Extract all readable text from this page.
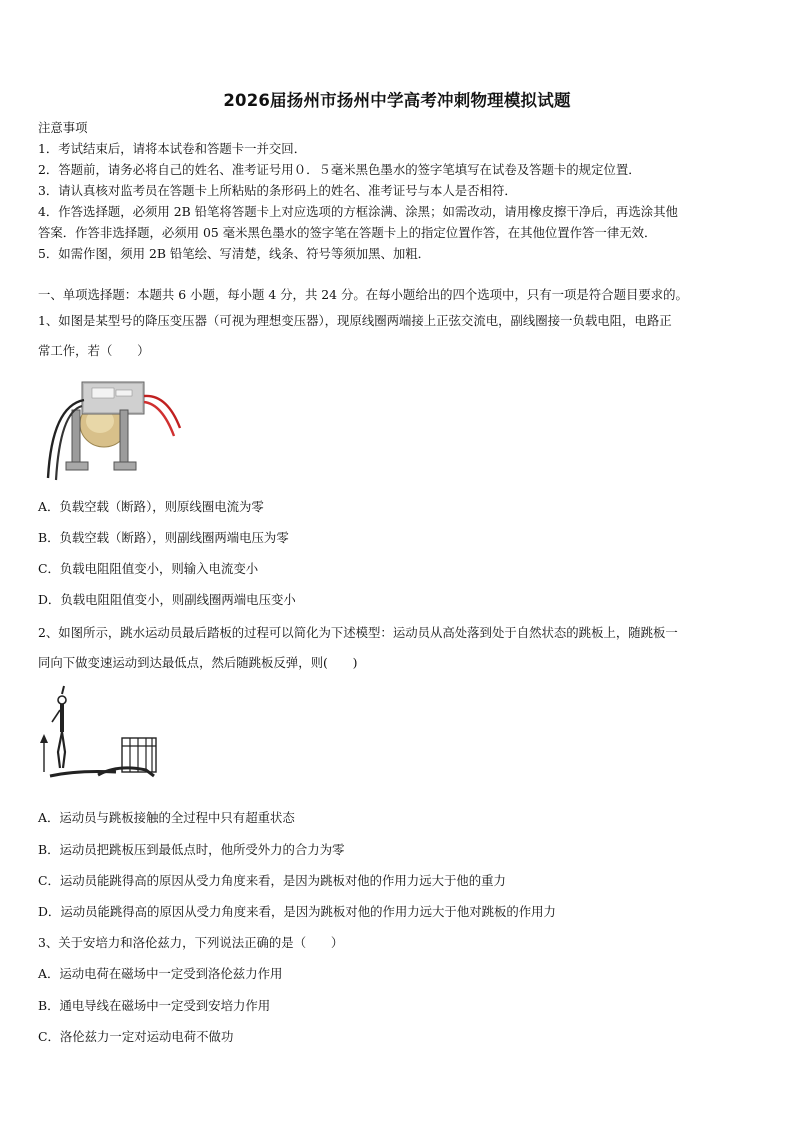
2026届扬州市扬州中学高考冲刺物理模拟试题
注意事项
1．考试结束后，请将本试卷和答题卡一并交回．
2．答题前，请务必将自己的姓名、准考证号用０．５毫米黑色墨水的签字笔填写在试卷及答题卡的规定位置．
3．请认真核对监考员在答题卡上所粘贴的条形码上的姓名、准考证号与本人是否相符．
4．作答选择题，必须用 2B 铅笔将答题卡上对应选项的方框涂满、涂黑；如需改动，请用橡皮擦干净后，再选涂其他
答案．作答非选择题，必须用 05 毫米黑色墨水的签字笔在答题卡上的指定位置作答，在其他位置作答一律无效．
5．如需作图，须用 2B 铅笔绘、写清楚，线条、符号等须加黑、加粗．
一、单项选择题：本题共 6 小题，每小题 4 分，共 24 分。在每小题给出的四个选项中，只有一项是符合题目要求的。
1、如图是某型号的降压变压器（可视为理想变压器），现原线圈两端接上正弦交流电，副线圈接一负载电阻，电路正
常工作，若（　　）
A．负载空载（断路），则原线圈电流为零
B．负载空载（断路），则副线圈两端电压为零
C．负载电阻阻值变小，则输入电流变小
D．负载电阻阻值变小，则副线圈两端电压变小
2、如图所示，跳水运动员最后踏板的过程可以简化为下述模型：运动员从高处落到处于自然状态的跳板上，随跳板一
同向下做变速运动到达最低点，然后随跳板反弹，则(　　)
A．运动员与跳板接触的全过程中只有超重状态
B．运动员把跳板压到最低点时，他所受外力的合力为零
C．运动员能跳得高的原因从受力角度来看，是因为跳板对他的作用力远大于他的重力
D．运动员能跳得高的原因从受力角度来看，是因为跳板对他的作用力远大于他对跳板的作用力
3、关于安培力和洛伦兹力，下列说法正确的是（　　）
A．运动电荷在磁场中一定受到洛伦兹力作用
B．通电导线在磁场中一定受到安培力作用
C．洛伦兹力一定对运动电荷不做功
